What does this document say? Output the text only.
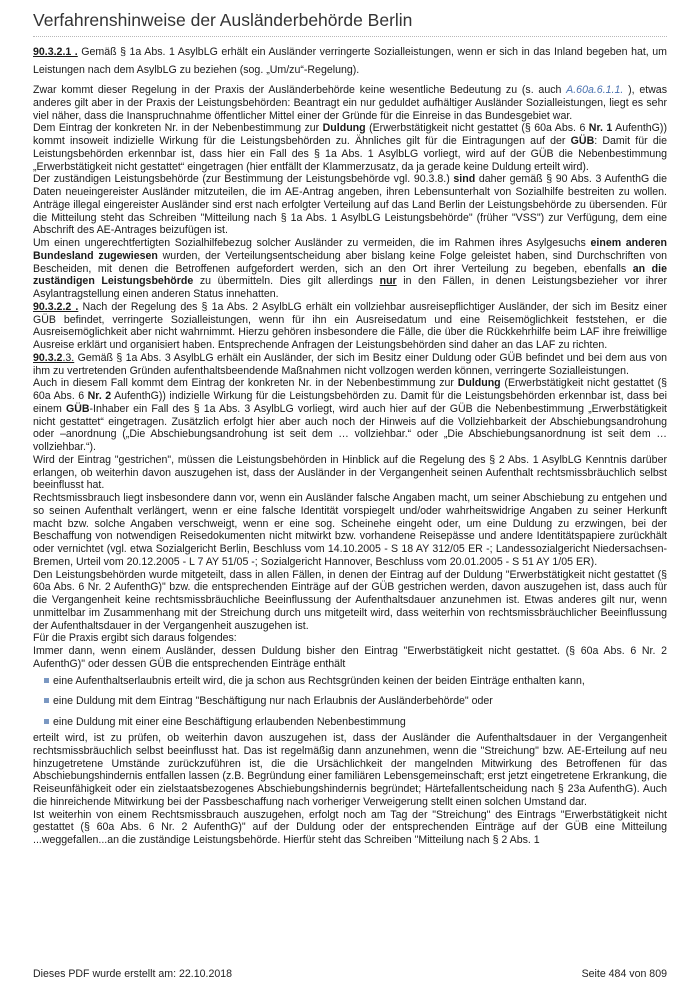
Verfahrenshinweise der Ausländerbehörde Berlin

90.3.2.1 . Gemäß § 1a Abs. 1 AsylbLG erhält ein Ausländer verringerte Sozialleistungen, wenn er sich in das Inland begeben hat, um Leistungen nach dem AsylbLG zu beziehen (sog. „Um/zu“-Regelung).

Zwar kommt dieser Regelung in der Praxis der Ausländerbehörde keine wesentliche Bedeutung zu (s. auch A.60a.6.1.1. ), etwas anderes gilt aber in der Praxis der Leistungsbehörden: Beantragt ein nur geduldet aufhältiger Ausländer Sozialleistungen, liegt es sehr viel näher, dass die Inanspruchnahme öffentlicher Mittel einer der Gründe für die Einreise in das Bundesgebiet war.

Dem Eintrag der konkreten Nr. in der Nebenbestimmung zur Duldung (Erwerbstätigkeit nicht gestattet (§ 60a Abs. 6 Nr. 1 AufenthG)) kommt insoweit indizielle Wirkung für die Leistungsbehörden zu. Ähnliches gilt für die Eintragungen auf der GÜB: Damit für die Leistungsbehörden erkennbar ist, dass hier ein Fall des § 1a Abs. 1 AsylbLG vorliegt, wird auf der GÜB die Nebenbestimmung „Erwerbstätigkeit nicht gestattet“ eingetragen (hier entfällt der Klammerzusatz, da ja gerade keine Duldung erteilt wird).

Der zuständigen Leistungsbehörde (zur Bestimmung der Leistungsbehörde vgl. 90.3.8.) sind daher gemäß § 90 Abs. 3 AufenthG die Daten neueingereister Ausländer mitzuteilen, die im AE-Antrag angeben, ihren Lebensunterhalt von Sozialhilfe bestreiten zu wollen. Anträge illegal eingereister Ausländer sind erst nach erfolgter Verteilung auf das Land Berlin der Leistungsbehörde zu übersenden. Für die Mitteilung steht das Schreiben "Mitteilung nach § 1a Abs. 1 AsylbLG Leistungsbehörde" (früher "VSS") zur Verfügung, dem eine Abschrift des AE-Antrages beizufügen ist.

Um einen ungerechtfertigten Sozialhilfebezug solcher Ausländer zu vermeiden, die im Rahmen ihres Asylgesuchs einem anderen Bundesland zugewiesen wurden, der Verteilungsentscheidung aber bislang keine Folge geleistet haben, sind Durchschriften von Bescheiden, mit denen die Betroffenen aufgefordert werden, sich an den Ort ihrer Verteilung zu begeben, ebenfalls an die zuständigen Leistungsbehörde zu übermitteln. Dies gilt allerdings nur in den Fällen, in denen Leistungsbezieher vor ihrer Asylantragstellung einen anderen Status innehatten.

90.3.2.2 . Nach der Regelung des § 1a Abs. 2 AsylbLG erhält ein vollziehbar ausreisepflichtiger Ausländer, der sich im Besitz einer GÜB befindet, verringerte Sozialleistungen, wenn für ihn ein Ausreisedatum und eine Reisemöglichkeit feststehen, er die Ausreisemöglichkeit aber nicht wahrnimmt. Hierzu gehören insbesondere die Fälle, die über die Rückkehrhilfe beim LAF ihre freiwillige Ausreise erklärt und organisiert haben. Entsprechende Anfragen der Leistungsbehörden sind daher an das LAF zu richten.

90.3.2.3. Gemäß § 1a Abs. 3 AsylbLG erhält ein Ausländer, der sich im Besitz einer Duldung oder GÜB befindet und bei dem aus von ihm zu vertretenden Gründen aufenthaltsbeendende Maßnahmen nicht vollzogen werden können, verringerte Sozialleistungen.

Auch in diesem Fall kommt dem Eintrag der konkreten Nr. in der Nebenbestimmung zur Duldung (Erwerbstätigkeit nicht gestattet (§ 60a Abs. 6 Nr. 2 AufenthG)) indizielle Wirkung für die Leistungsbehörden zu. Damit für die Leistungsbehörden erkennbar ist, dass bei einem GÜB-Inhaber ein Fall des § 1a Abs. 3 AsylbLG vorliegt, wird auch hier auf der GÜB die Nebenbestimmung „Erwerbstätigkeit nicht gestattet“ eingetragen. Zusätzlich erfolgt hier aber auch noch der Hinweis auf die Vollziehbarkeit der Abschiebungsandrohung oder –anordnung („Die Abschiebungsandrohung ist seit dem … vollziehbar.“ oder „Die Abschiebungsanordnung ist seit dem … vollziehbar.“).

Wird der Eintrag "gestrichen", müssen die Leistungsbehörden in Hinblick auf die Regelung des § 2 Abs. 1 AsylbLG Kenntnis darüber erlangen, ob weiterhin davon auszugehen ist, dass der Ausländer in der Vergangenheit seinen Aufenthalt rechtsmissbräuchlich selbst beeinflusst hat.

Rechtsmissbrauch liegt insbesondere dann vor, wenn ein Ausländer falsche Angaben macht, um seiner Abschiebung zu entgehen und so seinen Aufenthalt verlängert, wenn er eine falsche Identität vorspiegelt und/oder wahrheitswidrige Angaben zu seiner Herkunft macht bzw. solche Angaben verschweigt, wenn er eine sog. Scheinehe eingeht oder, um eine Duldung zu erzwingen, bei der Beschaffung von notwendigen Reisedokumenten nicht mitwirkt bzw. vorhandene Reisepässe und andere Identitätspapiere zurückhält oder vernichtet (vgl. etwa Sozialgericht Berlin, Beschluss vom 14.10.2005 - S 18 AY 312/05 ER -; Landessozialgericht Niedersachsen-Bremen, Urteil vom 20.12.2005 - L 7 AY 51/05 -; Sozialgericht Hannover, Beschluss vom 20.01.2005 - S 51 AY 1/05 ER).

Den Leistungsbehörden wurde mitgeteilt, dass in allen Fällen, in denen der Eintrag auf der Duldung "Erwerbstätigkeit nicht gestattet (§ 60a Abs. 6 Nr. 2 AufenthG)" bzw. die entsprechenden Einträge auf der GÜB gestrichen werden, davon auszugehen ist, dass auch für die Vergangenheit keine rechtsmissbräuchliche Beeinflussung der Aufenthaltsdauer anzunehmen ist. Etwas anderes gilt nur, wenn unmittelbar im Zusammenhang mit der Streichung durch uns mitgeteilt wird, dass weiterhin von rechtsmissbräuchlicher Beeinflussung der Aufenthaltsdauer in der Vergangenheit auszugehen ist.

Für die Praxis ergibt sich daraus folgendes:

Immer dann, wenn einem Ausländer, dessen Duldung bisher den Eintrag "Erwerbstätigkeit nicht gestattet. (§ 60a Abs. 6 Nr. 2 AufenthG)" oder dessen GÜB die entsprechenden Einträge enthält

eine Aufenthaltserlaubnis erteilt wird, die ja schon aus Rechtsgründen keinen der beiden Einträge enthalten kann,
eine Duldung mit dem Eintrag "Beschäftigung nur nach Erlaubnis der Ausländerbehörde" oder
eine Duldung mit einer eine Beschäftigung erlaubenden Nebenbestimmung

erteilt wird, ist zu prüfen, ob weiterhin davon auszugehen ist, dass der Ausländer die Aufenthaltsdauer in der Vergangenheit rechtsmissbräuchlich selbst beeinflusst hat. Das ist regelmäßig dann anzunehmen, wenn die "Streichung" bzw. AE-Erteilung auf neu hinzugetretene Umstände zurückzuführen ist, die die Ursächlichkeit der mangelnden Mitwirkung des Betroffenen für das Abschiebungshindernis entfallen lassen (z.B. Begründung einer familiären Lebensgemeinschaft; erst jetzt eingetretene Erkrankung, die Reiseunfähigkeit oder ein zielstaatsbezogenes Abschiebungshindernis begründet; Härtefallentscheidung nach § 23a AufenthG). Auch die hinreichende Mitwirkung bei der Passbeschaffung nach vorheriger Verweigerung stellt einen solchen Umstand dar.

Ist weiterhin von einem Rechtsmissbrauch auszugehen, erfolgt noch am Tag der "Streichung" des Eintrags "Erwerbstätigkeit nicht gestattet (§ 60a Abs. 6 Nr. 2 AufenthG)" auf der Duldung oder der entsprechenden Einträge auf der GÜB eine Mitteilung ...weggefallen...an die zuständige Leistungsbehörde. Hierfür steht das Schreiben "Mitteilung nach § 2 Abs. 1

Dieses PDF wurde erstellt am: 22.10.2018	Seite 484 von 809
